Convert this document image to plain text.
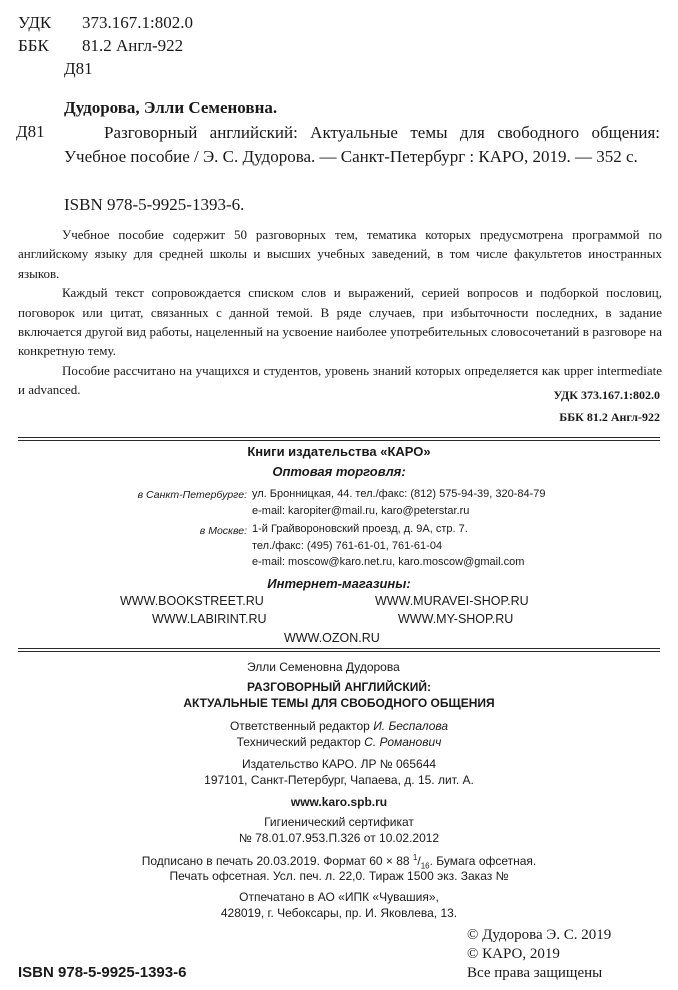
УДК 373.167.1:802.0
ББК 81.2 Англ-922
Д81
Дудорова, Элли Семеновна.
Д81	Разговорный английский: Актуальные темы для свободного общения: Учебное пособие / Э. С. Дудорова. — Санкт-Петербург : КАРО, 2019. — 352 с.
ISBN 978-5-9925-1393-6.

Учебное пособие содержит 50 разговорных тем, тематика которых предусмотрена программой по английскому языку для средней школы и высших учебных заведений, в том числе факультетов иностранных языков.

Каждый текст сопровождается списком слов и выражений, серией вопросов и подборкой пословиц, поговорок или цитат, связанных с данной темой. В ряде случаев, при избыточности последних, в задание включается другой вид работы, нацеленный на усвоение наиболее употребительных словосочетаний в разговоре на конкретную тему.

Пособие рассчитано на учащихся и студентов, уровень знаний которых определяется как upper intermediate и advanced.	УДК 373.167.1:802.0
ББК 81.2 Англ-922
Книги издательства «КАРО»
Оптовая торговля:
в Санкт-Петербурге: ул. Бронницкая, 44. тел./факс: (812) 575-94-39, 320-84-79
e-mail: karopiter@mail.ru, karo@peterstar.ru
в Москве: 1-й Грайвороновский проезд, д. 9А, стр. 7.
тел./факс: (495) 761-61-01, 761-61-04
e-mail: moscow@karo.net.ru, karo.moscow@gmail.com
Интернет-магазины:
WWW.BOOKSTREET.RU	WWW.MURAVEI-SHOP.RU
WWW.LABIRINT.RU	WWW.MY-SHOP.RU
WWW.OZON.RU
Элли Семеновна Дудорова
РАЗГОВОРНЫЙ АНГЛИЙСКИЙ:
АКТУАЛЬНЫЕ ТЕМЫ ДЛЯ СВОБОДНОГО ОБЩЕНИЯ
Ответственный редактор И. Беспалова
Технический редактор С. Романович
Издательство КАРО. ЛР № 065644
197101, Санкт-Петербург, Чапаева, д. 15. лит. А.
www.karo.spb.ru
Гигиенический сертификат
№ 78.01.07.953.П.326 от 10.02.2012
Подписано в печать 20.03.2019. Формат 60 × 88 $^1/_{16}$. Бумага офсетная.
Печать офсетная. Усл. печ. л. 22,0. Тираж 1500 экз. Заказ №
Отпечатано в АО «ИПК «Чувашия»,
428019, г. Чебоксары, пр. И. Яковлева, 13.
© Дудорова Э. С. 2019
© КАРО, 2019
Все права защищены
ISBN 978-5-9925-1393-6
